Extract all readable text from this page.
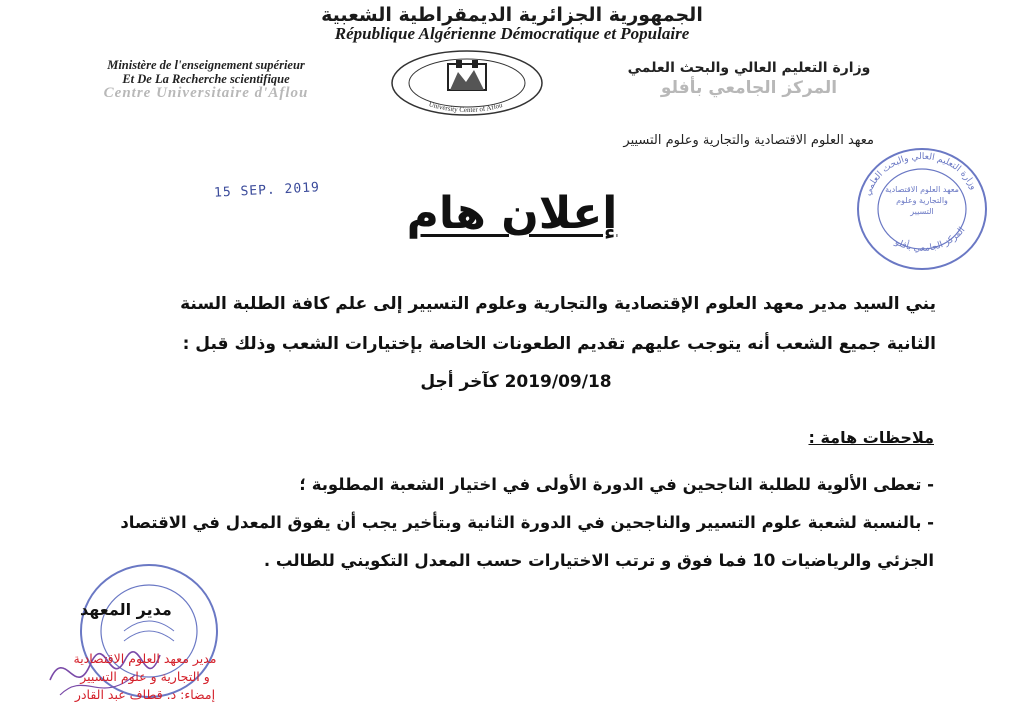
الجمهورية الجزائرية الديمقراطية الشعبية
République Algérienne Démocratique et Populaire
Ministère de l'enseignement supérieur
Et De La Recherche scientifique
Centre Universitaire d'Aflou
University Center of Aflou
وزارة التعليم العالي والبحث العلمي
المركز الجامعي بأفلو
معهد العلوم الاقتصادية والتجارية وعلوم التسيير
15 SEP. 2019	وزارة التعليم العالي والبحث العلمي
معهد العلوم الاقتصادية والتجارية وعلوم التسيير
المركز الجامعي بأفلو
إعلان هام
يني السيد مدير معهد العلوم الإقتصادية والتجارية وعلوم التسيير إلى علم كافة الطلبة السنة
الثانية جميع الشعب أنه يتوجب عليهم تقديم الطعونات الخاصة بإختيارات الشعب وذلك قبل :
2019/09/18 كآخر أجل
ملاحظات هامة :
- تعطى الألوية للطلبة الناجحين في الدورة الأولى في اختيار الشعبة المطلوبة ؛
- بالنسبة لشعبة علوم التسيير والناجحين في الدورة الثانية وبتأخير يجب أن يفوق المعدل في الاقتصاد
الجزئي والرياضيات 10 فما فوق و ترتب الاختيارات حسب المعدل التكويني للطالب .
مدير المعهد
مدير معهد العلوم الاقتصادية
و التجارية و علوم التسيير
إمضاء: د. قطاف عبد القادر
